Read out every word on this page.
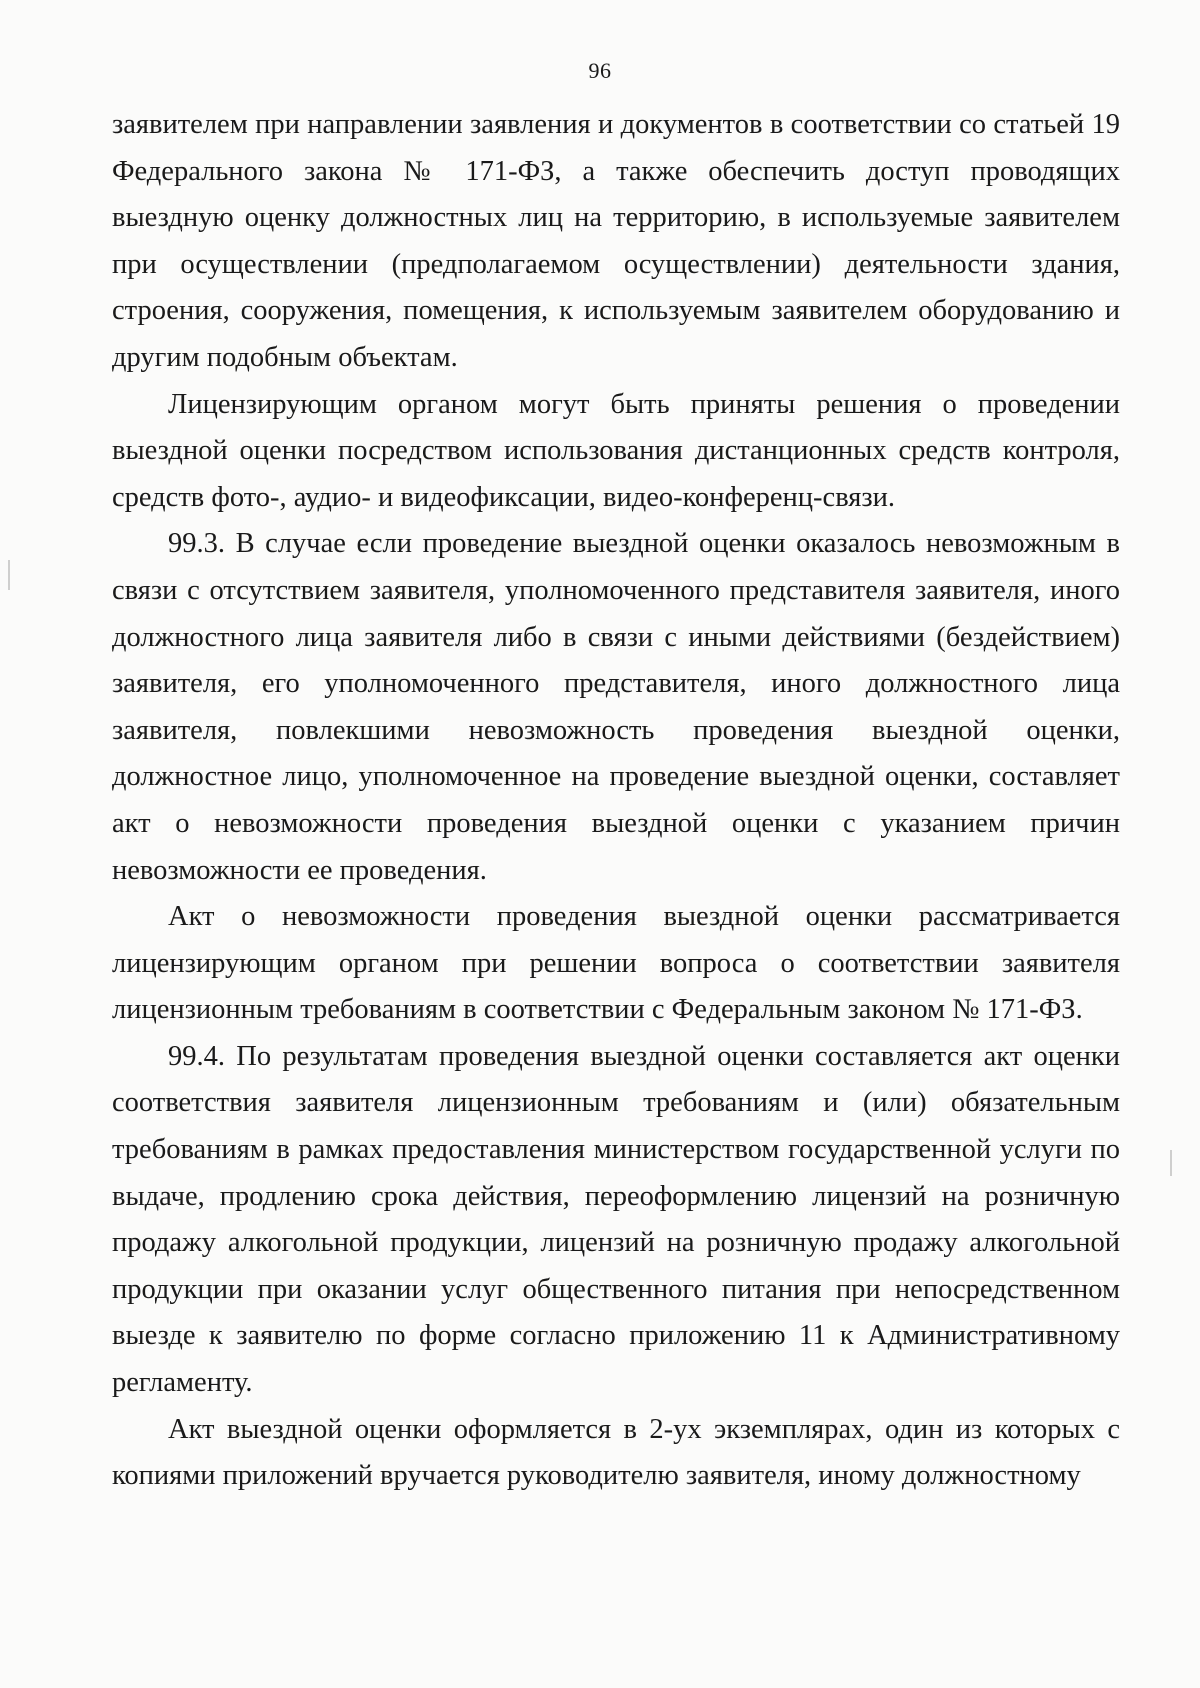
96

заявителем при направлении заявления и документов в соответствии со статьей 19 Федерального закона № 171-ФЗ, а также обеспечить доступ проводящих выездную оценку должностных лиц на территорию, в используемые заявителем при осуществлении (предполагаемом осуществлении) деятельности здания, строения, сооружения, помещения, к используемым заявителем оборудованию и другим подобным объектам.

Лицензирующим органом могут быть приняты решения о проведении выездной оценки посредством использования дистанционных средств контроля, средств фото-, аудио- и видеофиксации, видео-конференц-связи.

99.3. В случае если проведение выездной оценки оказалось невозможным в связи с отсутствием заявителя, уполномоченного представителя заявителя, иного должностного лица заявителя либо в связи с иными действиями (бездействием) заявителя, его уполномоченного представителя, иного должностного лица заявителя, повлекшими невозможность проведения выездной оценки, должностное лицо, уполномоченное на проведение выездной оценки, составляет акт о невозможности проведения выездной оценки с указанием причин невозможности ее проведения.

Акт о невозможности проведения выездной оценки рассматривается лицензирующим органом при решении вопроса о соответствии заявителя лицензионным требованиям в соответствии с Федеральным законом № 171-ФЗ.

99.4. По результатам проведения выездной оценки составляется акт оценки соответствия заявителя лицензионным требованиям и (или) обязательным требованиям в рамках предоставления министерством государственной услуги по выдаче, продлению срока действия, переоформлению лицензий на розничную продажу алкогольной продукции, лицензий на розничную продажу алкогольной продукции при оказании услуг общественного питания при непосредственном выезде к заявителю по форме согласно приложению 11 к Административному регламенту.

Акт выездной оценки оформляется в 2-ух экземплярах, один из которых с копиями приложений вручается руководителю заявителя, иному должностному
